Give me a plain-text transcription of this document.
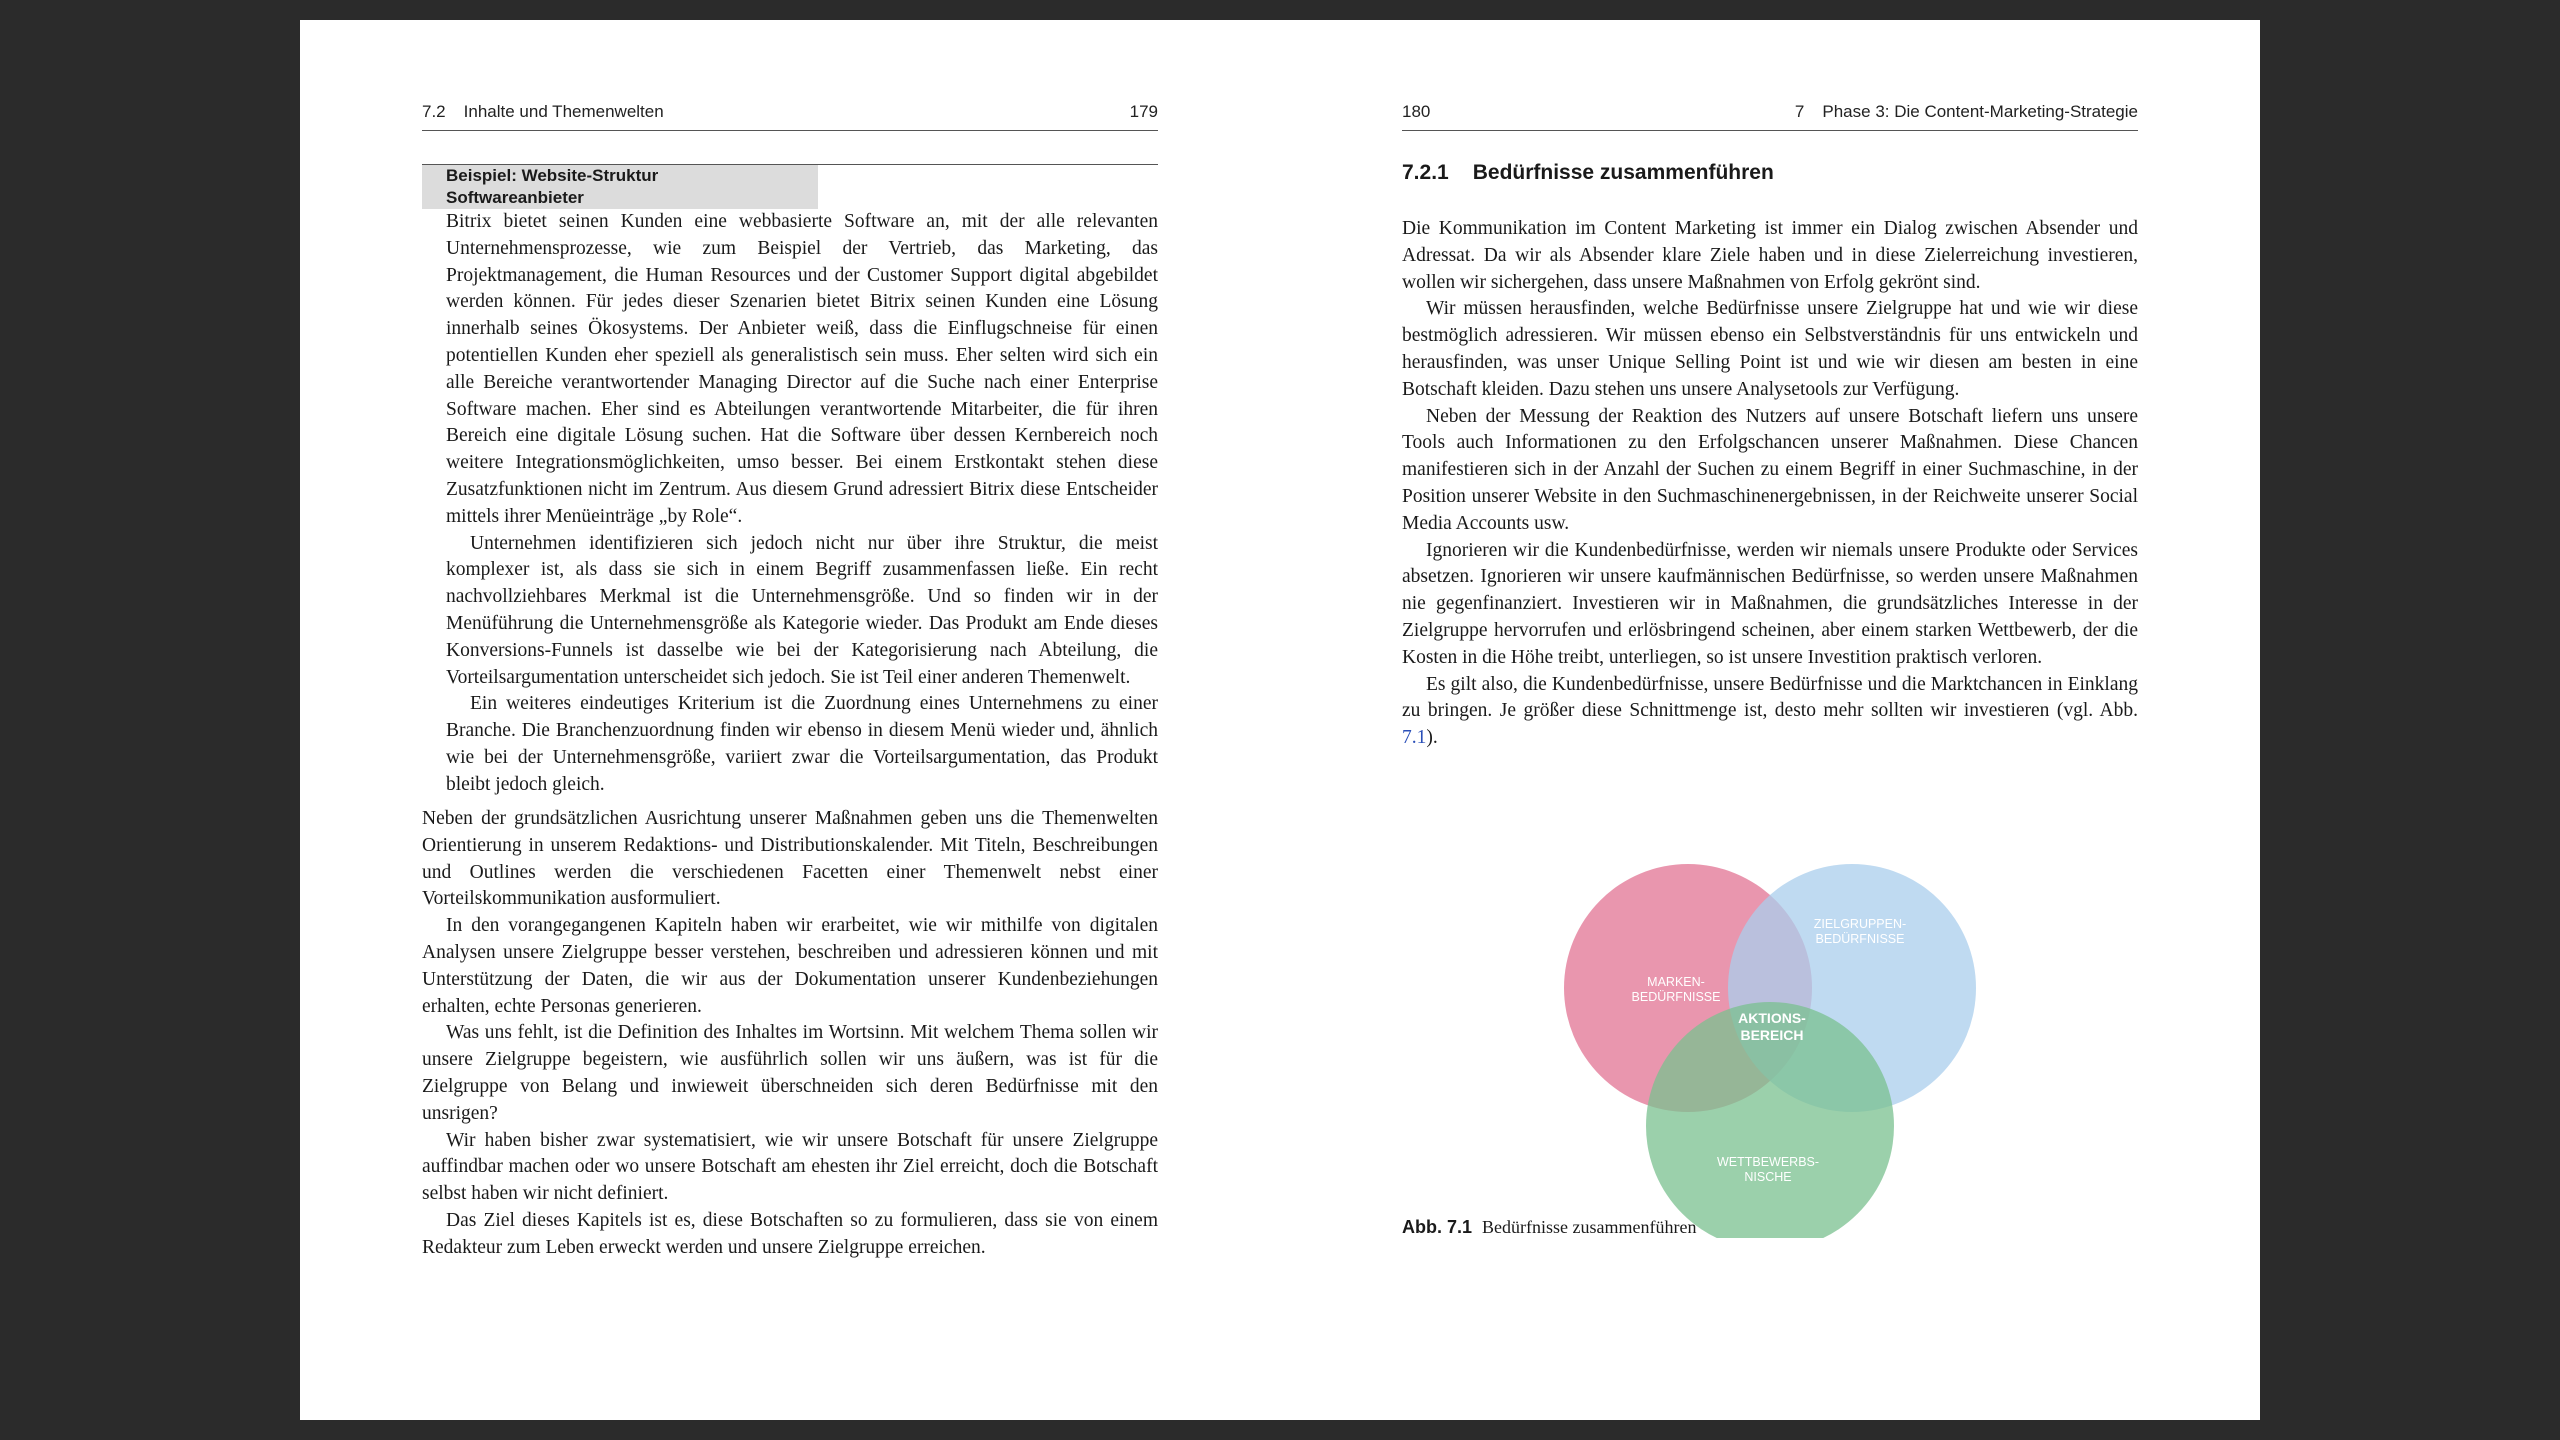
7.2 Inhalte und Themenwelten	179
Beispiel: Website-Struktur Softwareanbieter

Bitrix bietet seinen Kunden eine webbasierte Software an, mit der alle relevanten Unternehmensprozesse, wie zum Beispiel der Vertrieb, das Marketing, das Projektmanagement, die Human Resources und der Customer Support digital abgebildet werden können. Für jedes dieser Szenarien bietet Bitrix seinen Kunden eine Lösung innerhalb seines Ökosystems. Der Anbieter weiß, dass die Einflugschneise für einen potentiellen Kunden eher speziell als generalistisch sein muss. Eher selten wird sich ein alle Bereiche verantwortender Managing Director auf die Suche nach einer Enterprise Software machen. Eher sind es Abteilungen verantwortende Mitarbeiter, die für ihren Bereich eine digitale Lösung suchen. Hat die Software über dessen Kernbereich noch weitere Integrationsmöglichkeiten, umso besser. Bei einem Erstkontakt stehen diese Zusatzfunktionen nicht im Zentrum. Aus diesem Grund adressiert Bitrix diese Entscheider mittels ihrer Menüeinträge „by Role“.

Unternehmen identifizieren sich jedoch nicht nur über ihre Struktur, die meist komplexer ist, als dass sie sich in einem Begriff zusammenfassen ließe. Ein recht nachvollziehbares Merkmal ist die Unternehmensgröße. Und so finden wir in der Menüführung die Unternehmensgröße als Kategorie wieder. Das Produkt am Ende dieses Konversions-Funnels ist dasselbe wie bei der Kategorisierung nach Abteilung, die Vorteilsargumentation unterscheidet sich jedoch. Sie ist Teil einer anderen Themenwelt.

Ein weiteres eindeutiges Kriterium ist die Zuordnung eines Unternehmens zu einer Branche. Die Branchenzuordnung finden wir ebenso in diesem Menü wieder und, ähnlich wie bei der Unternehmensgröße, variiert zwar die Vorteilsargumentation, das Produkt bleibt jedoch gleich.

Neben der grundsätzlichen Ausrichtung unserer Maßnahmen geben uns die Themenwelten Orientierung in unserem Redaktions- und Distributionskalender. Mit Titeln, Beschreibungen und Outlines werden die verschiedenen Facetten einer Themenwelt nebst einer Vorteilskommunikation ausformuliert.

In den vorangegangenen Kapiteln haben wir erarbeitet, wie wir mithilfe von digitalen Analysen unsere Zielgruppe besser verstehen, beschreiben und adressieren können und mit Unterstützung der Daten, die wir aus der Dokumentation unserer Kundenbeziehungen erhalten, echte Personas generieren.

Was uns fehlt, ist die Definition des Inhaltes im Wortsinn. Mit welchem Thema sollen wir unsere Zielgruppe begeistern, wie ausführlich sollen wir uns äußern, was ist für die Zielgruppe von Belang und inwieweit überschneiden sich deren Bedürfnisse mit den unsrigen?

Wir haben bisher zwar systematisiert, wie wir unsere Botschaft für unsere Zielgruppe auffindbar machen oder wo unsere Botschaft am ehesten ihr Ziel erreicht, doch die Botschaft selbst haben wir nicht definiert.

Das Ziel dieses Kapitels ist es, diese Botschaften so zu formulieren, dass sie von einem Redakteur zum Leben erweckt werden und unsere Zielgruppe erreichen.

180	7 Phase 3: Die Content-Marketing-Strategie
7.2.1 Bedürfnisse zusammenführen

Die Kommunikation im Content Marketing ist immer ein Dialog zwischen Absender und Adressat. Da wir als Absender klare Ziele haben und in diese Zielerreichung investieren, wollen wir sichergehen, dass unsere Maßnahmen von Erfolg gekrönt sind.

Wir müssen herausfinden, welche Bedürfnisse unsere Zielgruppe hat und wie wir diese bestmöglich adressieren. Wir müssen ebenso ein Selbstverständnis für uns entwickeln und herausfinden, was unser Unique Selling Point ist und wie wir diesen am besten in eine Botschaft kleiden. Dazu stehen uns unsere Analysetools zur Verfügung.

Neben der Messung der Reaktion des Nutzers auf unsere Botschaft liefern uns unsere Tools auch Informationen zu den Erfolgschancen unserer Maßnahmen. Diese Chancen manifestieren sich in der Anzahl der Suchen zu einem Begriff in einer Suchmaschine, in der Position unserer Website in den Suchmaschinenergebnissen, in der Reichweite unserer Social Media Accounts usw.

Ignorieren wir die Kundenbedürfnisse, werden wir niemals unsere Produkte oder Services absetzen. Ignorieren wir unsere kaufmännischen Bedürfnisse, so werden unsere Maßnahmen nie gegenfinanziert. Investieren wir in Maßnahmen, die grundsätzliches Interesse in der Zielgruppe hervorrufen und erlösbringend scheinen, aber einem starken Wettbewerb, der die Kosten in die Höhe treibt, unterliegen, so ist unsere Investition praktisch verloren.

Es gilt also, die Kundenbedürfnisse, unsere Bedürfnisse und die Marktchancen in Einklang zu bringen. Je größer diese Schnittmenge ist, desto mehr sollten wir investieren (vgl. Abb. 7.1).

MARKEN-
BEDÜRFNISSE
ZIELGRUPPEN-
BEDÜRFNISSE
WETTBEWERBS-
NISCHE
AKTIONS-
BEREICH
Abb. 7.1 Bedürfnisse zusammenführen
